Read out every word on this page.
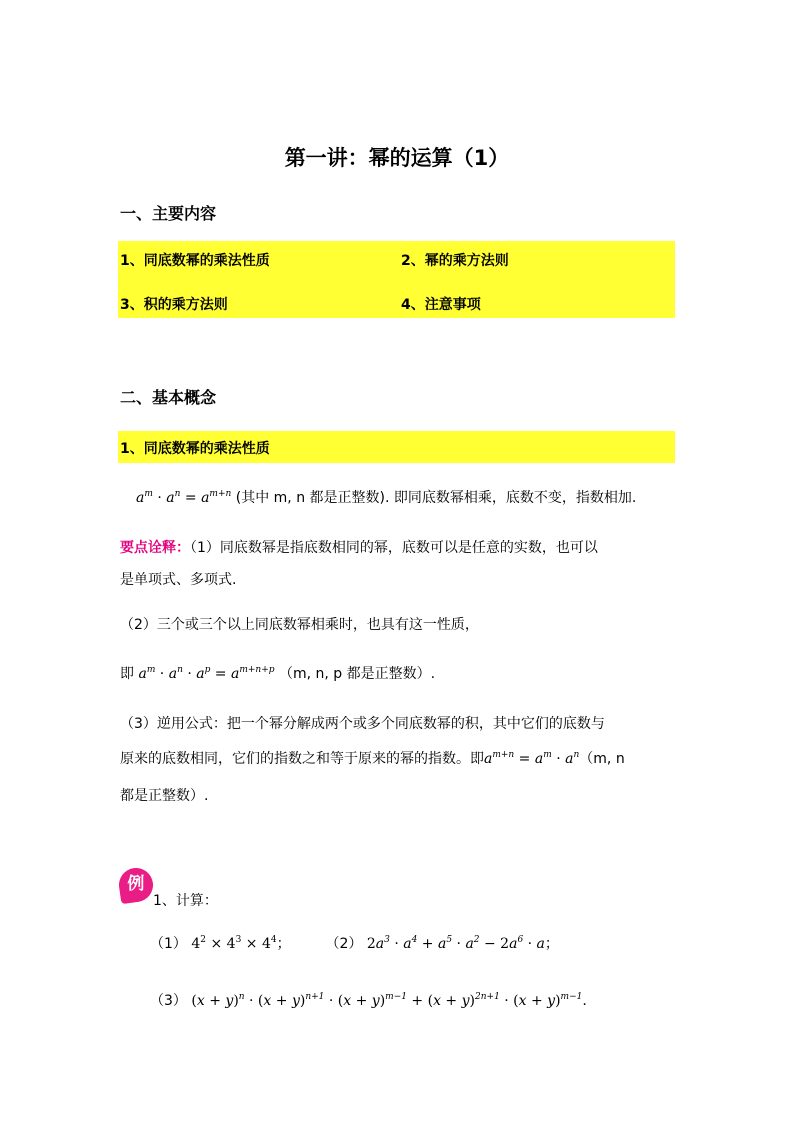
第一讲：幂的运算（1）
一、主要内容
1、同底数幂的乘法性质	2、幂的乘方法则
3、积的乘方法则	4、注意事项
二、基本概念
1、同底数幂的乘法性质
$a^m \cdot a^n = a^{m+n}$ (其中 m, n 都是正整数). 即同底数幂相乘，底数不变，指数相加.
要点诠释：（1）同底数幂是指底数相同的幂，底数可以是任意的实数，也可以
是单项式、多项式.
（2）三个或三个以上同底数幂相乘时，也具有这一性质，
即 $a^m \cdot a^n \cdot a^p = a^{m+n+p}$ （m, n, p 都是正整数）.
（3）逆用公式：把一个幂分解成两个或多个同底数幂的积，其中它们的底数与
原来的底数相同，它们的指数之和等于原来的幂的指数。即$a^{m+n} = a^m \cdot a^n(m$, n
都是正整数）.
例
1、计算：
（1） $4^2 \times 4^3 \times 4^4$； （2） $2a^3 \cdot a^4 + a^5 \cdot a^2 - 2a^6 \cdot a$；
（3） $(x + y)^n \cdot (x + y)^{n+1} \cdot (x + y)^{m-1} + (x + y)^{2n+1} \cdot (x + y)^{m-1}$.
